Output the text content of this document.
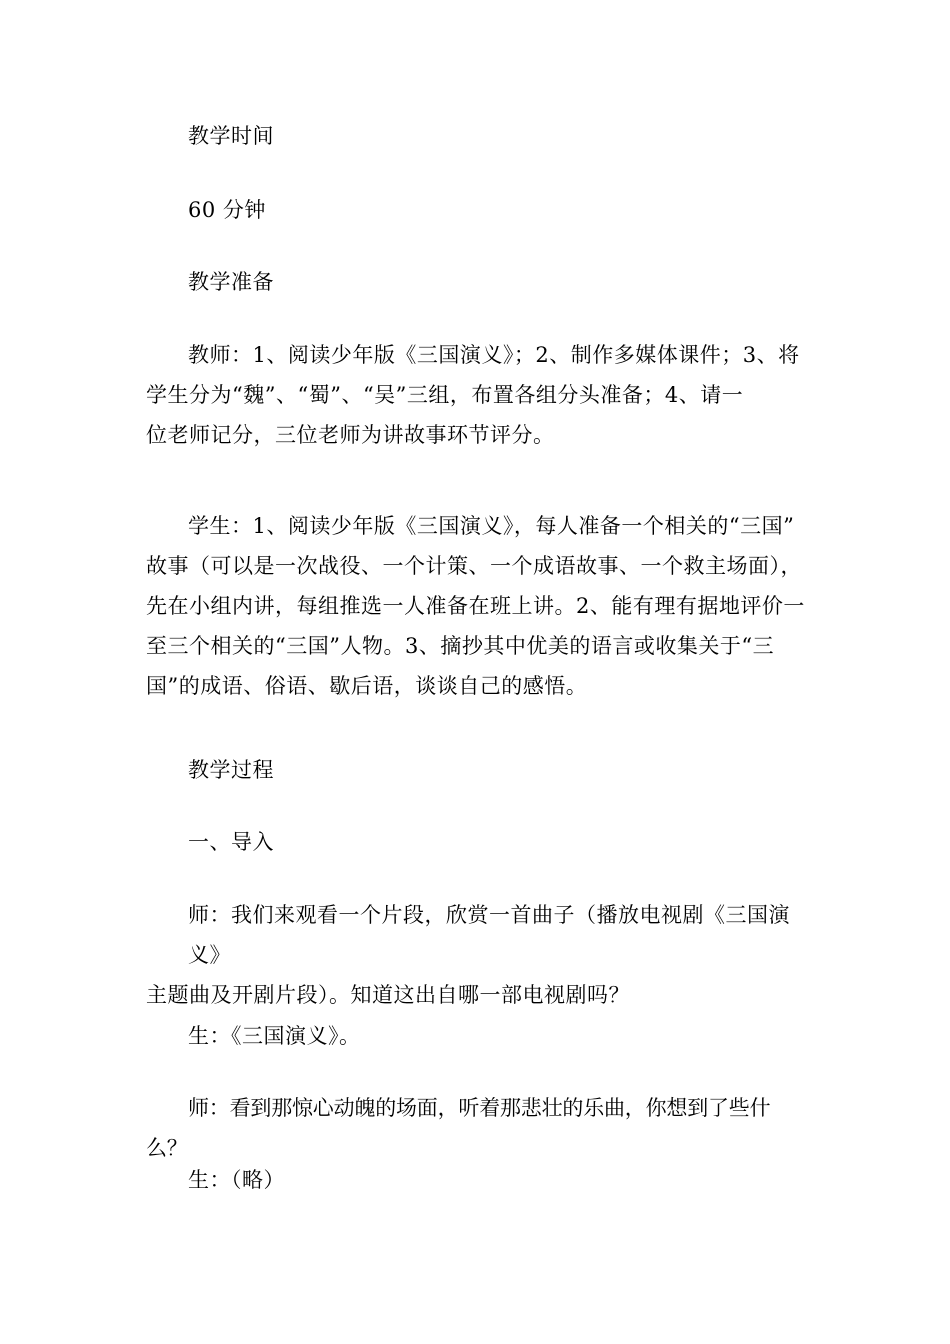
教学时间

60 分钟

教学准备

教师：1、阅读少年版《三国演义》；2、制作多媒体课件；3、将
学生分为“魏”、“蜀”、“吴”三组，布置各组分头准备；4、请一
位老师记分，三位老师为讲故事环节评分。
学生：1、阅读少年版《三国演义》，每人准备一个相关的“三国”
故事（可以是一次战役、一个计策、一个成语故事、一个救主场面），
先在小组内讲，每组推选一人准备在班上讲。2、能有理有据地评价一
至三个相关的“三国”人物。3、摘抄其中优美的语言或收集关于“三
国”的成语、俗语、歇后语，谈谈自己的感悟。

教学过程

一、导入

师：我们来观看一个片段，欣赏一首曲子（播放电视剧《三国演义》
主题曲及开剧片段）。知道这出自哪一部电视剧吗？

生：《三国演义》。

师：看到那惊心动魄的场面，听着那悲壮的乐曲，你想到了些什么？

生：（略）
